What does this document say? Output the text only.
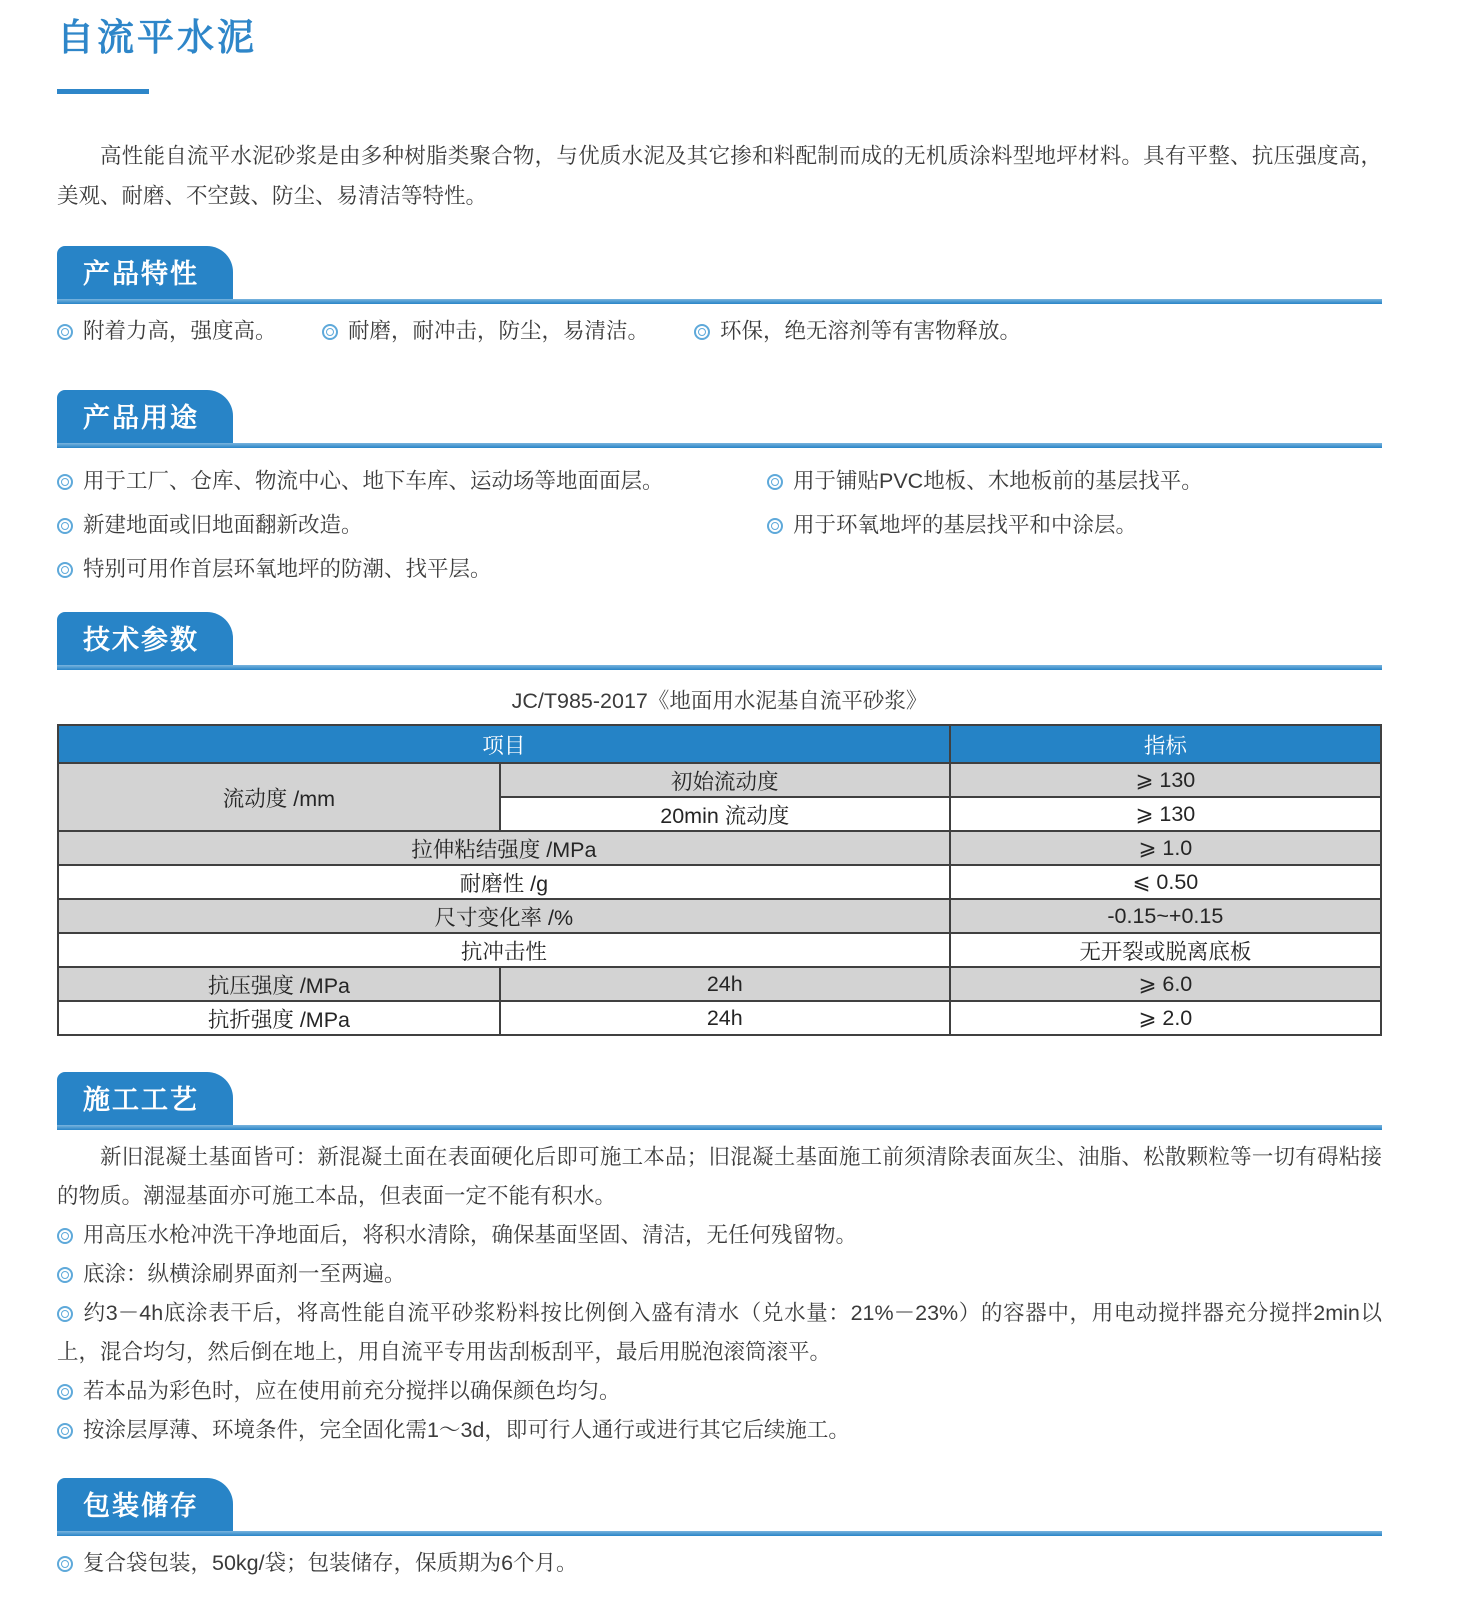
自流平水泥

高性能自流平水泥砂浆是由多种树脂类聚合物，与优质水泥及其它掺和料配制而成的无机质涂料型地坪材料。具有平整、抗压强度高，美观、耐磨、不空鼓、防尘、易清洁等特性。

产品特性
附着力高，强度高。	耐磨，耐冲击，防尘，易清洁。	环保，绝无溶剂等有害物释放。
产品用途
用于工厂、仓库、物流中心、地下车库、运动场等地面面层。
新建地面或旧地面翻新改造。
特别可用作首层环氧地坪的防潮、找平层。
用于铺贴PVC地板、木地板前的基层找平。
用于环氧地坪的基层找平和中涂层。
技术参数

JC/T985-2017《地面用水泥基自流平砂浆》

项目		指标
流动度 /mm	初始流动度	⩾ 130
	20min 流动度	⩾ 130
拉伸粘结强度 /MPa		⩾ 1.0
耐磨性 /g		⩽ 0.50
尺寸变化率 /%		-0.15~+0.15
抗冲击性		无开裂或脱离底板
抗压强度 /MPa	24h	⩾ 6.0
抗折强度 /MPa	24h	⩾ 2.0
施工工艺

新旧混凝土基面皆可：新混凝土面在表面硬化后即可施工本品；旧混凝土基面施工前须清除表面灰尘、油脂、松散颗粒等一切有碍粘接的物质。潮湿基面亦可施工本品，但表面一定不能有积水。

用高压水枪冲洗干净地面后，将积水清除，确保基面坚固、清洁，无任何残留物。
底涂：纵横涂刷界面剂一至两遍。
约3－4h底涂表干后，将高性能自流平砂浆粉料按比例倒入盛有清水（兑水量：21%－23%）的容器中，用电动搅拌器充分搅拌2min以上，混合均匀，然后倒在地上，用自流平专用齿刮板刮平，最后用脱泡滚筒滚平。
若本品为彩色时，应在使用前充分搅拌以确保颜色均匀。
按涂层厚薄、环境条件，完全固化需1～3d，即可行人通行或进行其它后续施工。
包装储存
复合袋包装，50kg/袋；包装储存，保质期为6个月。
